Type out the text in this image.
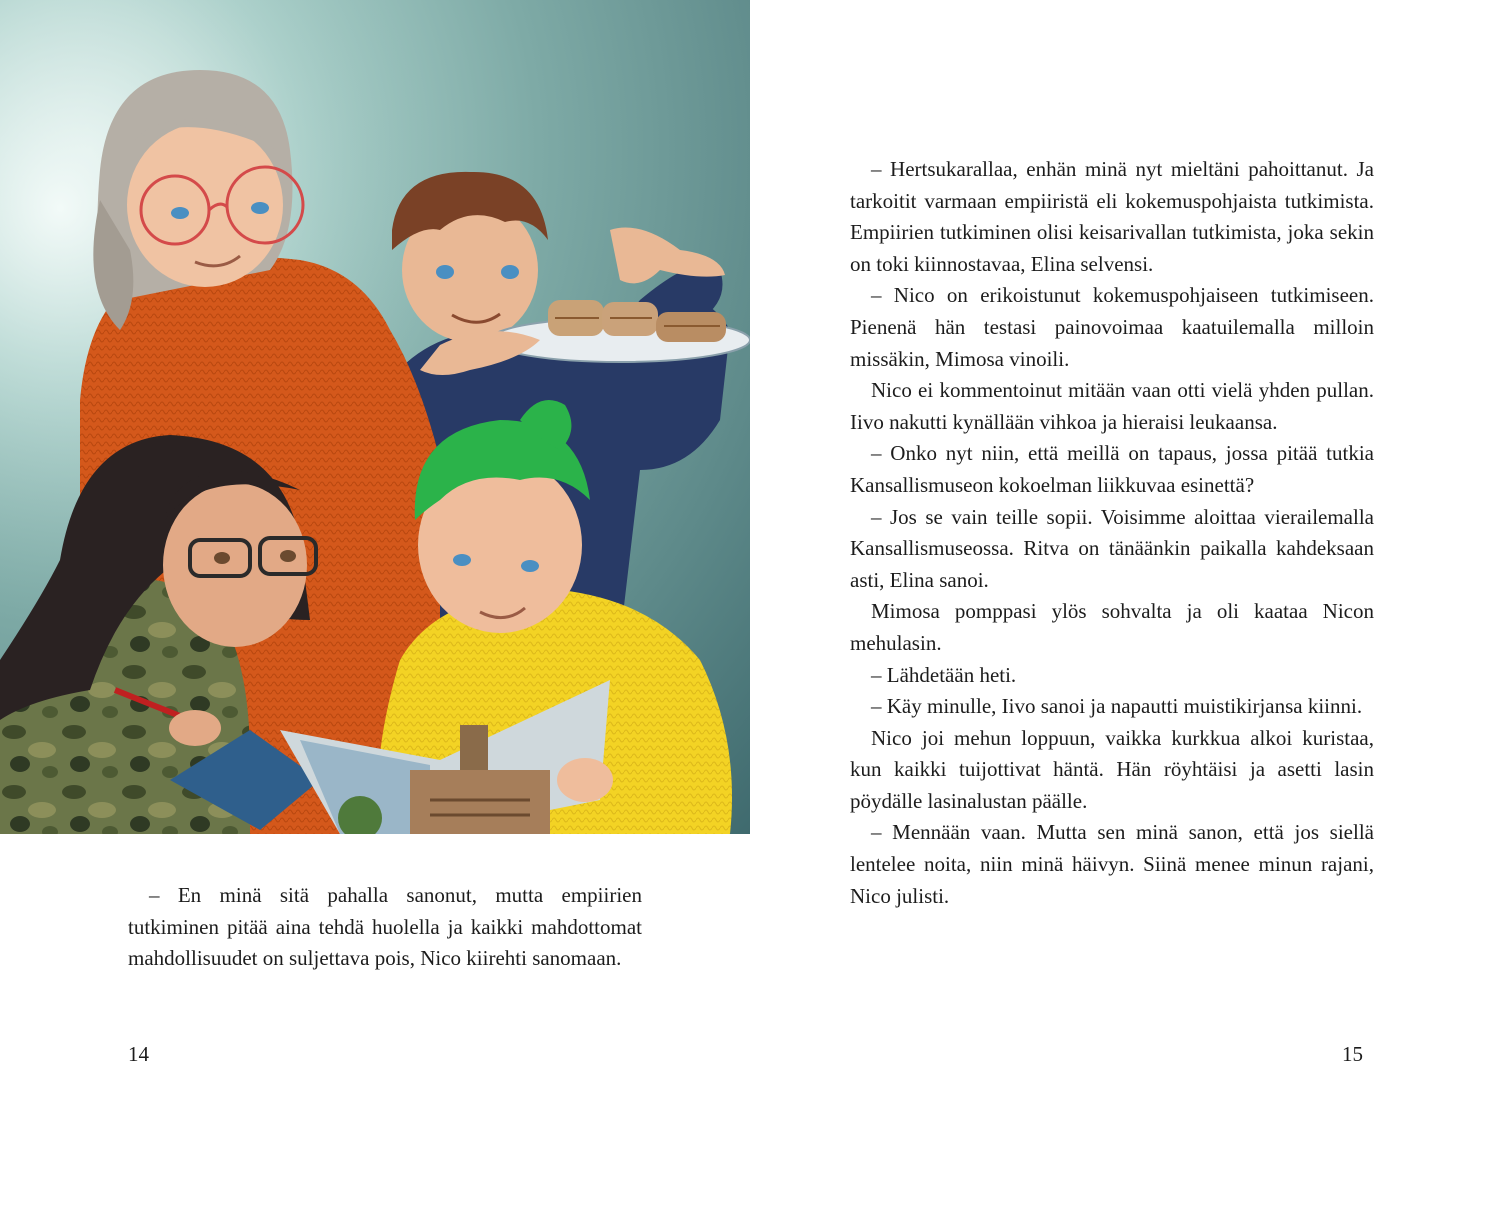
– En minä sitä pahalla sanonut, mutta empiirien tutkiminen pitää aina tehdä huolella ja kaikki mahdottomat mahdollisuudet on suljettava pois, Nico kiirehti sanomaan.

14

– Hertsukarallaa, enhän minä nyt mieltäni pahoittanut. Ja tarkoitit varmaan empiiristä eli kokemuspohjaista tutkimista. Empiirien tutkiminen olisi keisarivallan tutkimista, joka sekin on toki kiinnostavaa, Elina selvensi.

– Nico on erikoistunut kokemuspohjaiseen tutkimiseen. Pienenä hän testasi painovoimaa kaatuilemalla milloin missäkin, Mimosa vinoili.

Nico ei kommentoinut mitään vaan otti vielä yhden pullan. Iivo nakutti kynällään vihkoa ja hieraisi leukaansa.

– Onko nyt niin, että meillä on tapaus, jossa pitää tutkia Kansallismuseon kokoelman liikkuvaa esinettä?

– Jos se vain teille sopii. Voisimme aloittaa vierailemalla Kansallismuseossa. Ritva on tänäänkin paikalla kahdeksaan asti, Elina sanoi.

Mimosa pomppasi ylös sohvalta ja oli kaataa Nicon mehulasin.

– Lähdetään heti.

– Käy minulle, Iivo sanoi ja napautti muistikirjansa kiinni.

Nico joi mehun loppuun, vaikka kurkkua alkoi kuristaa, kun kaikki tuijottivat häntä. Hän röyhtäisi ja asetti lasin pöydälle lasinalustan päälle.

– Mennään vaan. Mutta sen minä sanon, että jos siellä lentelee noita, niin minä häivyn. Siinä menee minun rajani, Nico julisti.

15
